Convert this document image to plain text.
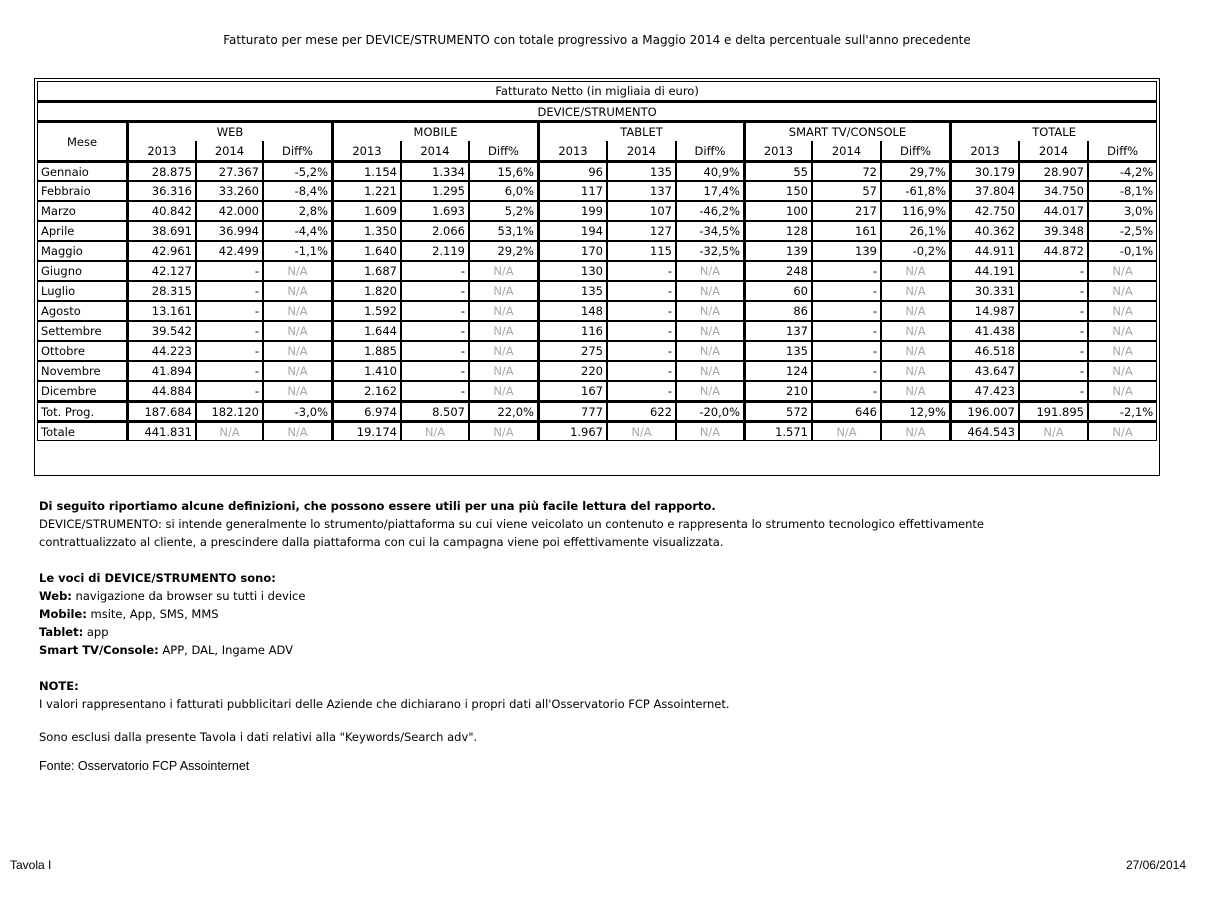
Fatturato per mese per DEVICE/STRUMENTO con totale progressivo a Maggio 2014 e delta percentuale sull'anno precedente
Fatturato Netto (in migliaia di euro)															
DEVICE/STRUMENTO															
Mese	WEB			MOBILE			TABLET			SMART TV/CONSOLE			TOTALE		
	2013	2014	Diff%	2013	2014	Diff%	2013	2014	Diff%	2013	2014	Diff%	2013	2014	Diff%
Gennaio	28.875	27.367	-5,2%	1.154	1.334	15,6%	96	135	40,9%	55	72	29,7%	30.179	28.907	-4,2%
Febbraio	36.316	33.260	-8,4%	1.221	1.295	6,0%	117	137	17,4%	150	57	-61,8%	37.804	34.750	-8,1%
Marzo	40.842	42.000	2,8%	1.609	1.693	5,2%	199	107	-46,2%	100	217	116,9%	42.750	44.017	3,0%
Aprile	38.691	36.994	-4,4%	1.350	2.066	53,1%	194	127	-34,5%	128	161	26,1%	40.362	39.348	-2,5%
Maggio	42.961	42.499	-1,1%	1.640	2.119	29,2%	170	115	-32,5%	139	139	-0,2%	44.911	44.872	-0,1%
Giugno	42.127	-	N/A	1.687	-	N/A	130	-	N/A	248	-	N/A	44.191	-	N/A
Luglio	28.315	-	N/A	1.820	-	N/A	135	-	N/A	60	-	N/A	30.331	-	N/A
Agosto	13.161	-	N/A	1.592	-	N/A	148	-	N/A	86	-	N/A	14.987	-	N/A
Settembre	39.542	-	N/A	1.644	-	N/A	116	-	N/A	137	-	N/A	41.438	-	N/A
Ottobre	44.223	-	N/A	1.885	-	N/A	275	-	N/A	135	-	N/A	46.518	-	N/A
Novembre	41.894	-	N/A	1.410	-	N/A	220	-	N/A	124	-	N/A	43.647	-	N/A
Dicembre	44.884	-	N/A	2.162	-	N/A	167	-	N/A	210	-	N/A	47.423	-	N/A
Tot. Prog.	187.684	182.120	-3,0%	6.974	8.507	22,0%	777	622	-20,0%	572	646	12,9%	196.007	191.895	-2,1%
Totale	441.831	N/A	N/A	19.174	N/A	N/A	1.967	N/A	N/A	1.571	N/A	N/A	464.543	N/A	N/A

Di seguito riportiamo alcune definizioni, che possono essere utili per una più facile lettura del rapporto.

DEVICE/STRUMENTO: si intende generalmente lo strumento/piattaforma su cui viene veicolato un contenuto e rappresenta lo strumento tecnologico effettivamente

contrattualizzato al cliente, a prescindere dalla piattaforma con cui la campagna viene poi effettivamente visualizzata.

Le voci di DEVICE/STRUMENTO sono:

Web: navigazione da browser su tutti i device

Mobile: msite, App, SMS, MMS

Tablet: app

Smart TV/Console: APP, DAL, Ingame ADV

NOTE:

I valori rappresentano i fatturati pubblicitari delle Aziende che dichiarano i propri dati all'Osservatorio FCP Assointernet.

Sono esclusi dalla presente Tavola i dati relativi alla "Keywords/Search adv".

Fonte: Osservatorio FCP Assointernet

Tavola I	27/06/2014
